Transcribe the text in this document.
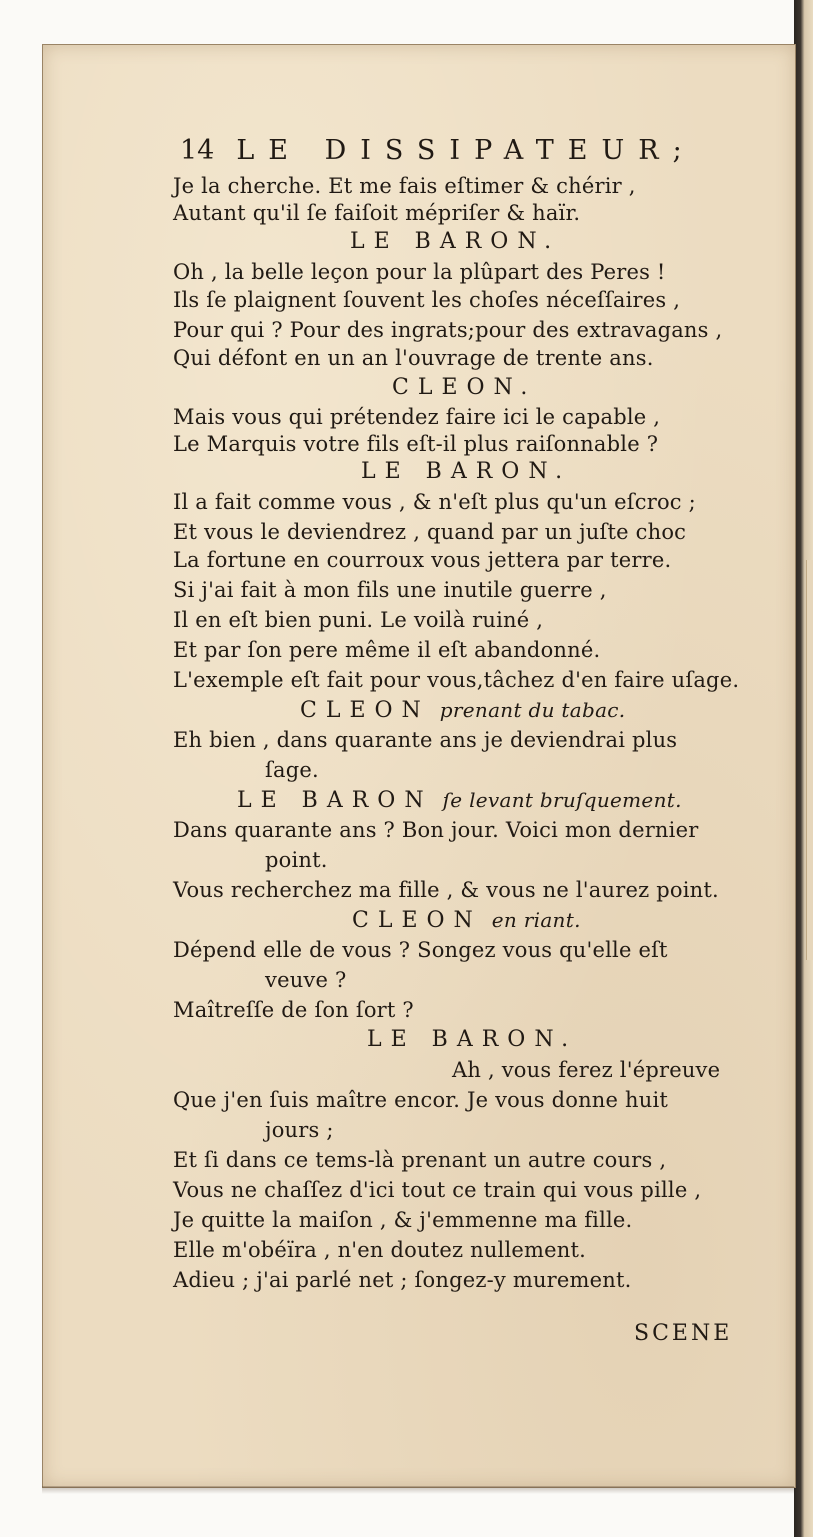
14 LE DISSIPATEUR;
Je la cherche. Et me fais eſtimer & chérir ,
Autant qu'il ſe faiſoit mépriſer & haïr.
LE BARON.
Oh , la belle leçon pour la plûpart des Peres !
Ils ſe plaignent ſouvent les choſes néceſſaires ,
Pour qui ? Pour des ingrats;pour des extravagans ,
Qui défont en un an l'ouvrage de trente ans.
CLEON.
Mais vous qui prétendez faire ici le capable ,
Le Marquis votre fils eſt-il plus raiſonnable ?
LE BARON.
Il a fait comme vous , & n'eſt plus qu'un eſcroc ;
Et vous le deviendrez , quand par un juſte choc
La fortune en courroux vous jettera par terre.
Si j'ai fait à mon fils une inutile guerre ,
Il en eſt bien puni. Le voilà ruiné ,
Et par ſon pere même il eſt abandonné.
L'exemple eſt fait pour vous,tâchez d'en faire uſage.
CLEON prenant du tabac.
Eh bien , dans quarante ans je deviendrai plus
ſage.
LE BARON ſe levant bruſquement.
Dans quarante ans ? Bon jour. Voici mon dernier
point.
Vous recherchez ma fille , & vous ne l'aurez point.
CLEON en riant.
Dépend elle de vous ? Songez vous qu'elle eſt
veuve ?
Maîtreſſe de ſon ſort ?
LE BARON.
Ah , vous ferez l'épreuve
Que j'en ſuis maître encor. Je vous donne huit
jours ;
Et ſi dans ce tems-là prenant un autre cours ,
Vous ne chaſſez d'ici tout ce train qui vous pille ,
Je quitte la maiſon , & j'emmenne ma fille.
Elle m'obéïra , n'en doutez nullement.
Adieu ; j'ai parlé net ; ſongez-y murement.
SCENE
